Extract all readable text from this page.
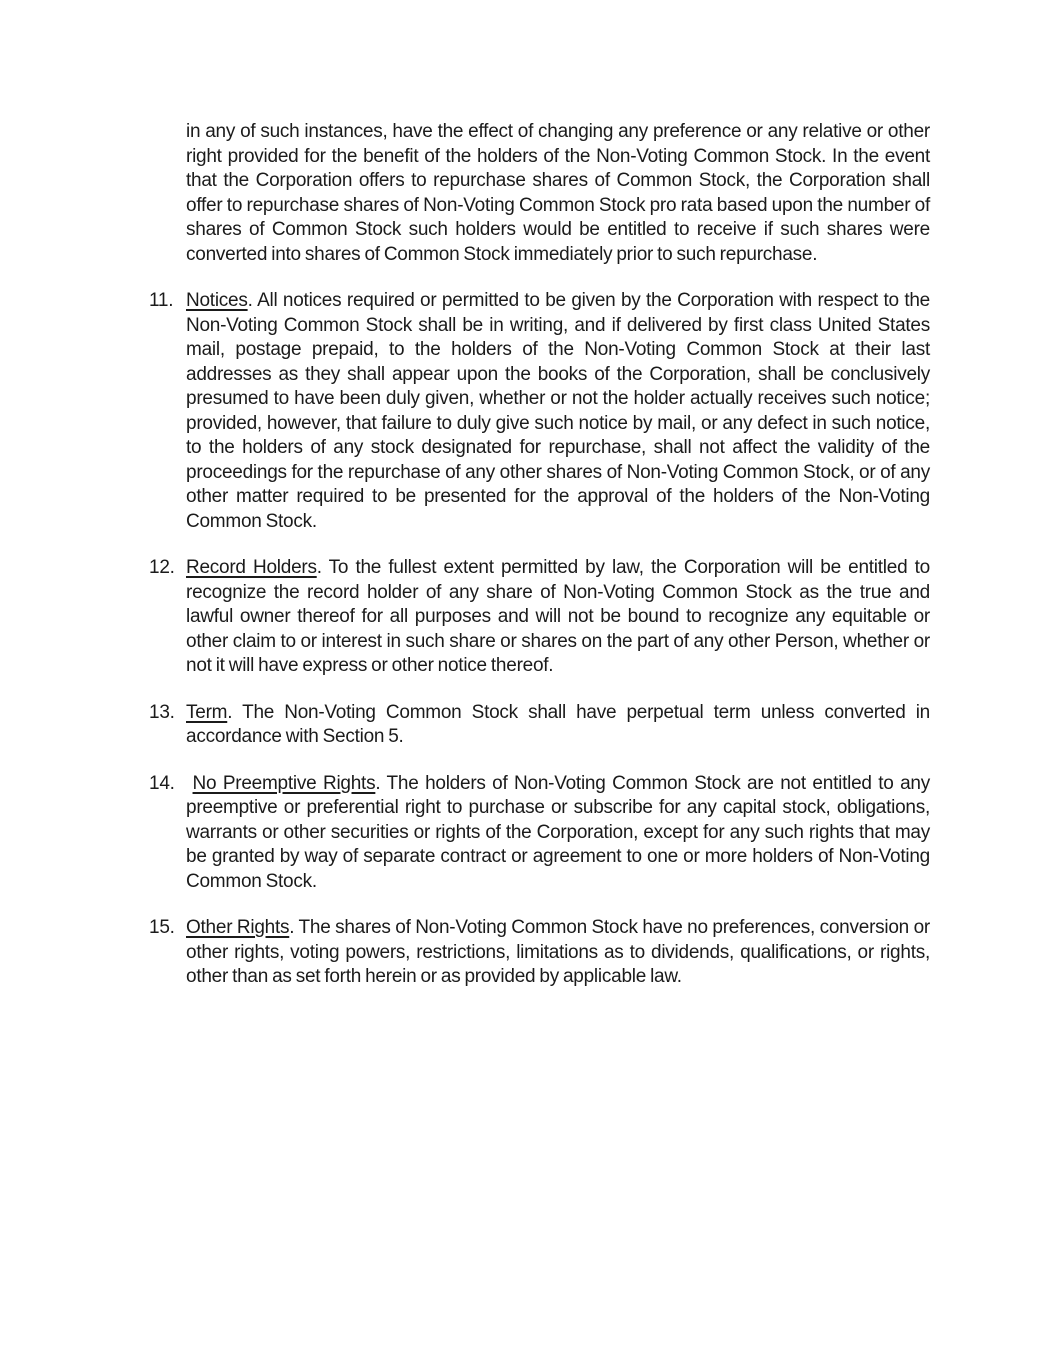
in any of such instances, have the effect of changing any preference or any relative or other right provided for the benefit of the holders of the Non-Voting Common Stock. In the event that the Corporation offers to repurchase shares of Common Stock, the Corporation shall offer to repurchase shares of Non-Voting Common Stock pro rata based upon the number of shares of Common Stock such holders would be entitled to receive if such shares were converted into shares of Common Stock immediately prior to such repurchase.

11. Notices. All notices required or permitted to be given by the Corporation with respect to the Non-Voting Common Stock shall be in writing, and if delivered by first class United States mail, postage prepaid, to the holders of the Non-Voting Common Stock at their last addresses as they shall appear upon the books of the Corporation, shall be conclusively presumed to have been duly given, whether or not the holder actually receives such notice; provided, however, that failure to duly give such notice by mail, or any defect in such notice, to the holders of any stock designated for repurchase, shall not affect the validity of the proceedings for the repurchase of any other shares of Non-Voting Common Stock, or of any other matter required to be presented for the approval of the holders of the Non-Voting Common Stock.

12. Record Holders. To the fullest extent permitted by law, the Corporation will be entitled to recognize the record holder of any share of Non-Voting Common Stock as the true and lawful owner thereof for all purposes and will not be bound to recognize any equitable or other claim to or interest in such share or shares on the part of any other Person, whether or not it will have express or other notice thereof.

13. Term. The Non-Voting Common Stock shall have perpetual term unless converted in accordance with Section 5.

14. No Preemptive Rights. The holders of Non-Voting Common Stock are not entitled to any preemptive or preferential right to purchase or subscribe for any capital stock, obligations, warrants or other securities or rights of the Corporation, except for any such rights that may be granted by way of separate contract or agreement to one or more holders of Non-Voting Common Stock.

15. Other Rights. The shares of Non-Voting Common Stock have no preferences, conversion or other rights, voting powers, restrictions, limitations as to dividends, qualifications, or rights, other than as set forth herein or as provided by applicable law.
